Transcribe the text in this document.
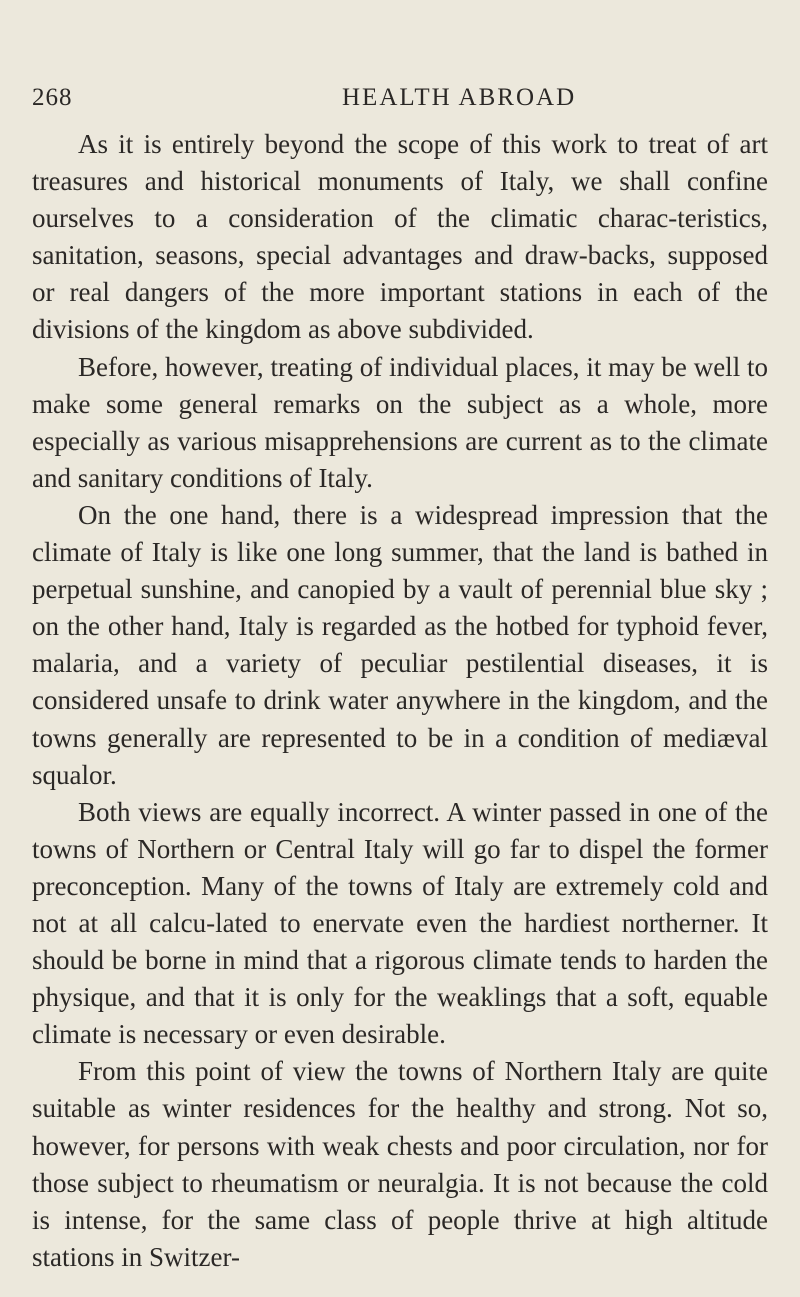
268	HEALTH ABROAD

As it is entirely beyond the scope of this work to treat of art treasures and historical monuments of Italy, we shall confine ourselves to a consideration of the climatic charac-teristics, sanitation, seasons, special advantages and draw-backs, supposed or real dangers of the more important stations in each of the divisions of the kingdom as above subdivided.

Before, however, treating of individual places, it may be well to make some general remarks on the subject as a whole, more especially as various misapprehensions are current as to the climate and sanitary conditions of Italy.

On the one hand, there is a widespread impression that the climate of Italy is like one long summer, that the land is bathed in perpetual sunshine, and canopied by a vault of perennial blue sky ; on the other hand, Italy is regarded as the hotbed for typhoid fever, malaria, and a variety of peculiar pestilential diseases, it is considered unsafe to drink water anywhere in the kingdom, and the towns generally are represented to be in a condition of mediæval squalor.

Both views are equally incorrect. A winter passed in one of the towns of Northern or Central Italy will go far to dispel the former preconception. Many of the towns of Italy are extremely cold and not at all calcu-lated to enervate even the hardiest northerner. It should be borne in mind that a rigorous climate tends to harden the physique, and that it is only for the weaklings that a soft, equable climate is necessary or even desirable.

From this point of view the towns of Northern Italy are quite suitable as winter residences for the healthy and strong. Not so, however, for persons with weak chests and poor circulation, nor for those subject to rheumatism or neuralgia. It is not because the cold is intense, for the same class of people thrive at high altitude stations in Switzer-
